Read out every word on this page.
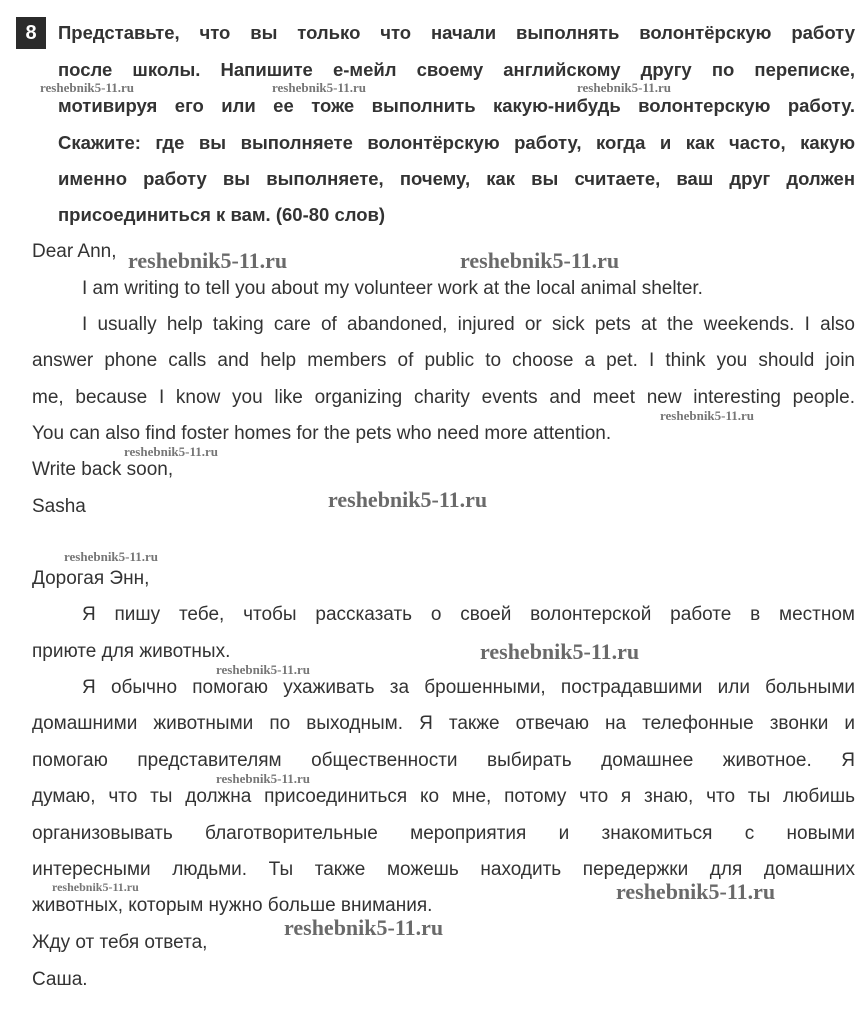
8	Представьте, что вы только что начали выполнять волонтёрскую работу
после школы. Напишите е-мейл своему английскому другу по переписке,
мотивируя его или ее тоже выполнить какую-нибудь волонтерскую работу.
Скажите: где вы выполняете волонтёрскую работу, когда и как часто, какую
именно работу вы выполняете, почему, как вы считаете, ваш друг должен
присоединиться к вам. (60-80 слов)
Dear Ann,
I am writing to tell you about my volunteer work at the local animal shelter.
I usually help taking care of abandoned, injured or sick pets at the weekends. I also
answer phone calls and help members of public to choose a pet. I think you should join
me, because I know you like organizing charity events and meet new interesting people.
You can also find foster homes for the pets who need more attention.
Write back soon,
Sasha
Дорогая Энн,
Я пишу тебе, чтобы рассказать о своей волонтерской работе в местном
приюте для животных.
Я обычно помогаю ухаживать за брошенными, пострадавшими или больными
домашними животными по выходным. Я также отвечаю на телефонные звонки и
помогаю представителям общественности выбирать домашнее животное. Я
думаю, что ты должна присоединиться ко мне, потому что я знаю, что ты любишь
организовывать благотворительные мероприятия и знакомиться с новыми
интересными людьми. Ты также можешь находить передержки для домашних
животных, которым нужно больше внимания.
Жду от тебя ответа,
Саша.
reshebnik5-11.ru	reshebnik5-11.ru	reshebnik5-11.ru
reshebnik5-11.ru	reshebnik5-11.ru
reshebnik5-11.ru
reshebnik5-11.ru
reshebnik5-11.ru
reshebnik5-11.ru
reshebnik5-11.ru
reshebnik5-11.ru
reshebnik5-11.ru
reshebnik5-11.ru	reshebnik5-11.ru
reshebnik5-11.ru
